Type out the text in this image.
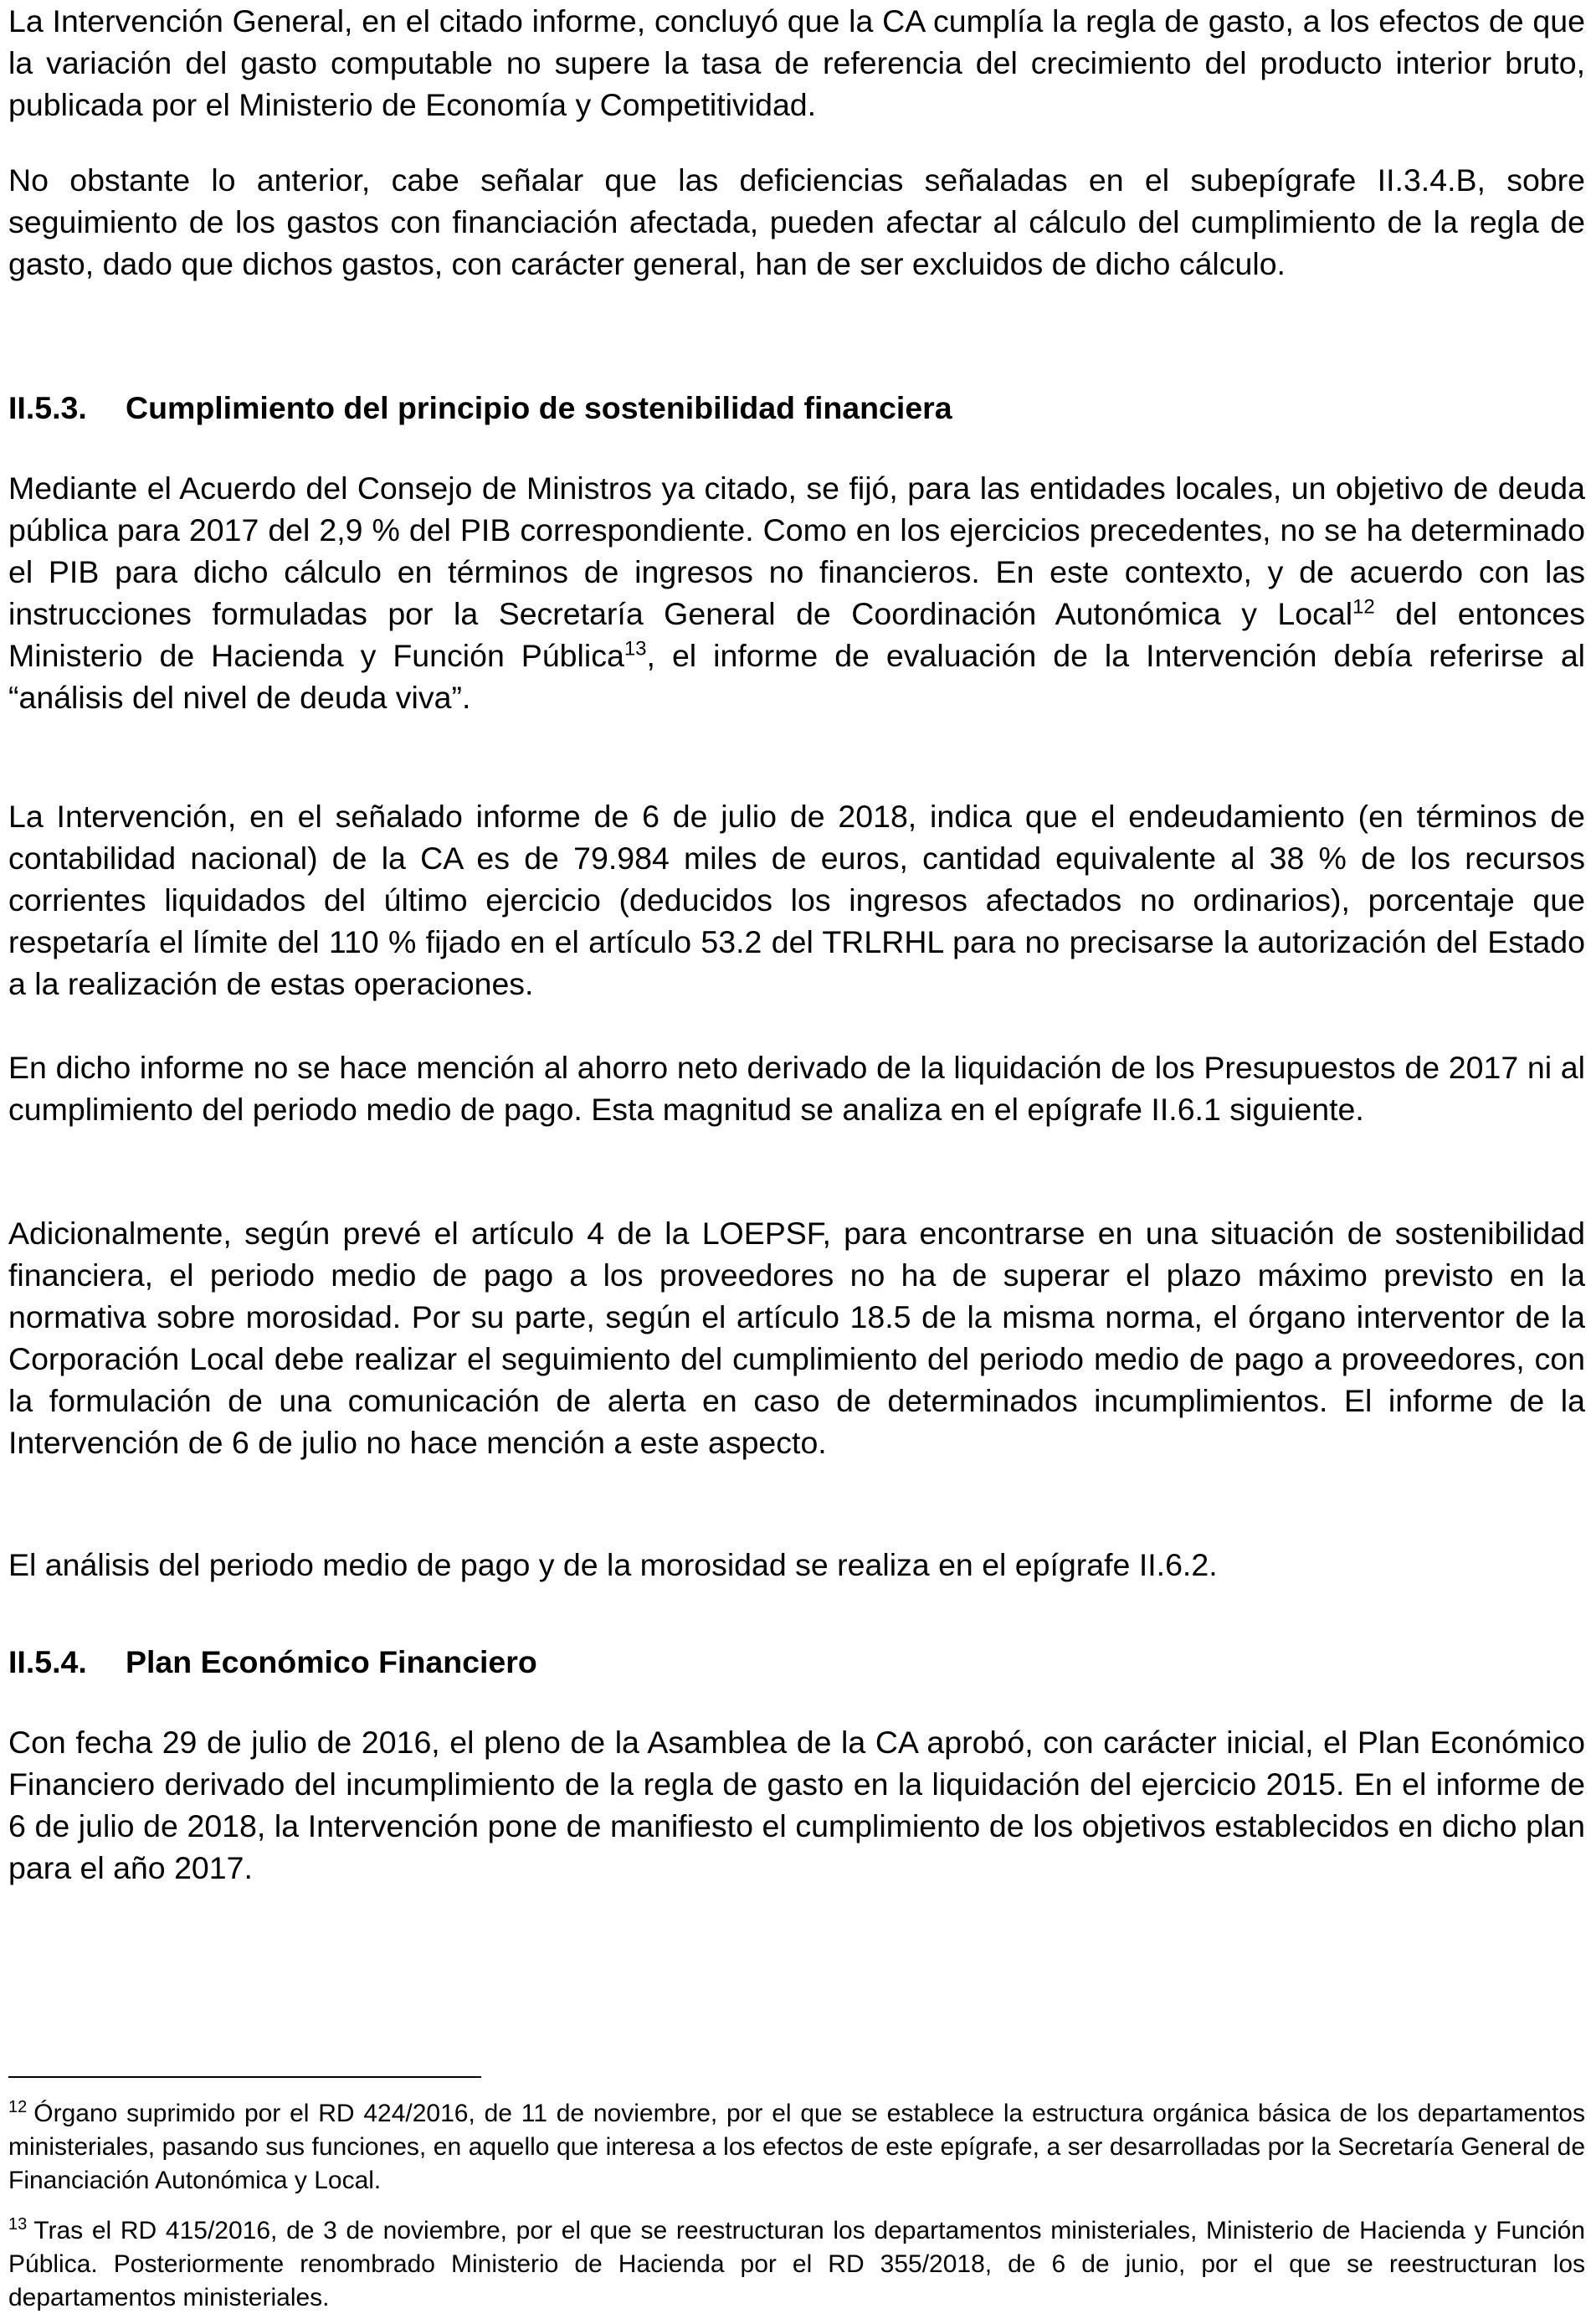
La Intervención General, en el citado informe, concluyó que la CA cumplía la regla de gasto, a los efectos de que la variación del gasto computable no supere la tasa de referencia del crecimiento del producto interior bruto, publicada por el Ministerio de Economía y Competitividad.

No obstante lo anterior, cabe señalar que las deficiencias señaladas en el subepígrafe II.3.4.B, sobre seguimiento de los gastos con financiación afectada, pueden afectar al cálculo del cumplimiento de la regla de gasto, dado que dichos gastos, con carácter general, han de ser excluidos de dicho cálculo.

II.5.3. Cumplimiento del principio de sostenibilidad financiera

Mediante el Acuerdo del Consejo de Ministros ya citado, se fijó, para las entidades locales, un objetivo de deuda pública para 2017 del 2,9 % del PIB correspondiente. Como en los ejercicios precedentes, no se ha determinado el PIB para dicho cálculo en términos de ingresos no financieros. En este contexto, y de acuerdo con las instrucciones formuladas por la Secretaría General de Coordinación Autonómica y Local$^{12}$ del entonces Ministerio de Hacienda y Función Pública$^{13}$, el informe de evaluación de la Intervención debía referirse al “análisis del nivel de deuda viva”.

La Intervención, en el señalado informe de 6 de julio de 2018, indica que el endeudamiento (en términos de contabilidad nacional) de la CA es de 79.984 miles de euros, cantidad equivalente al 38 % de los recursos corrientes liquidados del último ejercicio (deducidos los ingresos afectados no ordinarios), porcentaje que respetaría el límite del 110 % fijado en el artículo 53.2 del TRLRHL para no precisarse la autorización del Estado a la realización de estas operaciones.

En dicho informe no se hace mención al ahorro neto derivado de la liquidación de los Presupuestos de 2017 ni al cumplimiento del periodo medio de pago. Esta magnitud se analiza en el epígrafe II.6.1 siguiente.

Adicionalmente, según prevé el artículo 4 de la LOEPSF, para encontrarse en una situación de sostenibilidad financiera, el periodo medio de pago a los proveedores no ha de superar el plazo máximo previsto en la normativa sobre morosidad. Por su parte, según el artículo 18.5 de la misma norma, el órgano interventor de la Corporación Local debe realizar el seguimiento del cumplimiento del periodo medio de pago a proveedores, con la formulación de una comunicación de alerta en caso de determinados incumplimientos. El informe de la Intervención de 6 de julio no hace mención a este aspecto.

El análisis del periodo medio de pago y de la morosidad se realiza en el epígrafe II.6.2.

II.5.4. Plan Económico Financiero

Con fecha 29 de julio de 2016, el pleno de la Asamblea de la CA aprobó, con carácter inicial, el Plan Económico Financiero derivado del incumplimiento de la regla de gasto en la liquidación del ejercicio 2015. En el informe de 6 de julio de 2018, la Intervención pone de manifiesto el cumplimiento de los objetivos establecidos en dicho plan para el año 2017.

$^{12}$ Órgano suprimido por el RD 424/2016, de 11 de noviembre, por el que se establece la estructura orgánica básica de los departamentos ministeriales, pasando sus funciones, en aquello que interesa a los efectos de este epígrafe, a ser desarrolladas por la Secretaría General de Financiación Autonómica y Local.

$^{13}$ Tras el RD 415/2016, de 3 de noviembre, por el que se reestructuran los departamentos ministeriales, Ministerio de Hacienda y Función Pública. Posteriormente renombrado Ministerio de Hacienda por el RD 355/2018, de 6 de junio, por el que se reestructuran los departamentos ministeriales.
